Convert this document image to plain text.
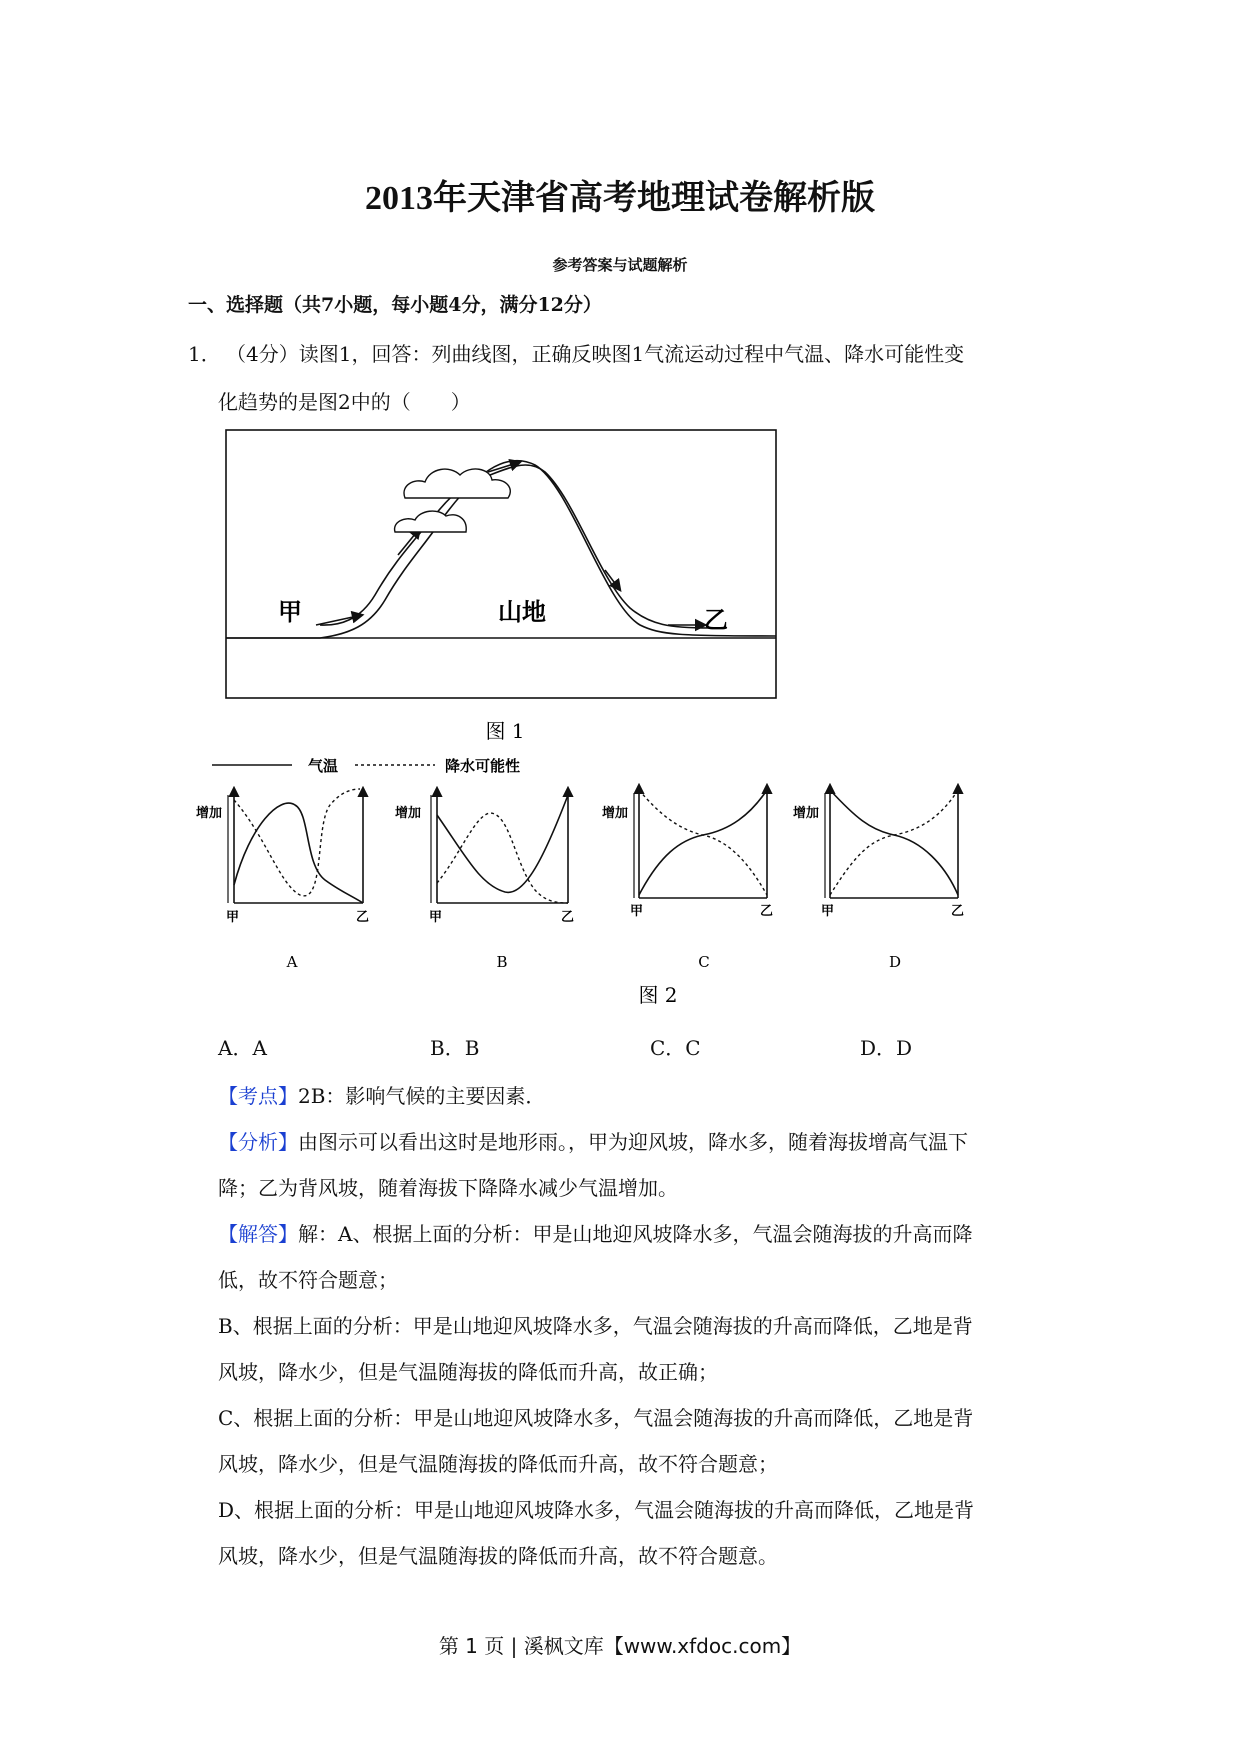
2013年天津省高考地理试卷解析版
参考答案与试题解析
一、选择题（共7小题，每小题4分，满分12分）
1． （4分）读图1，回答：列曲线图，正确反映图1气流运动过程中气温、降水可能性变
化趋势的是图2中的（　　）
甲	山地	乙
图 1
气温	降水可能性
增加
甲	乙
A
增加
甲	乙
B
增加
甲	乙
C
增加
甲	乙
D
图 2
A．A	B．B	C．C	D．D
【考点】2B：影响气候的主要因素．
【分析】由图示可以看出这时是地形雨。，甲为迎风坡，降水多，随着海拔增高气温下
降；乙为背风坡，随着海拔下降降水减少气温增加。
【解答】解：A、根据上面的分析：甲是山地迎风坡降水多，气温会随海拔的升高而降
低，故不符合题意；
B、根据上面的分析：甲是山地迎风坡降水多，气温会随海拔的升高而降低，乙地是背
风坡，降水少，但是气温随海拔的降低而升高，故正确；
C、根据上面的分析：甲是山地迎风坡降水多，气温会随海拔的升高而降低，乙地是背
风坡，降水少，但是气温随海拔的降低而升高，故不符合题意；
D、根据上面的分析：甲是山地迎风坡降水多，气温会随海拔的升高而降低，乙地是背
风坡，降水少，但是气温随海拔的降低而升高，故不符合题意。
第 1 页 | 溪枫文库【www.xfdoc.com】
